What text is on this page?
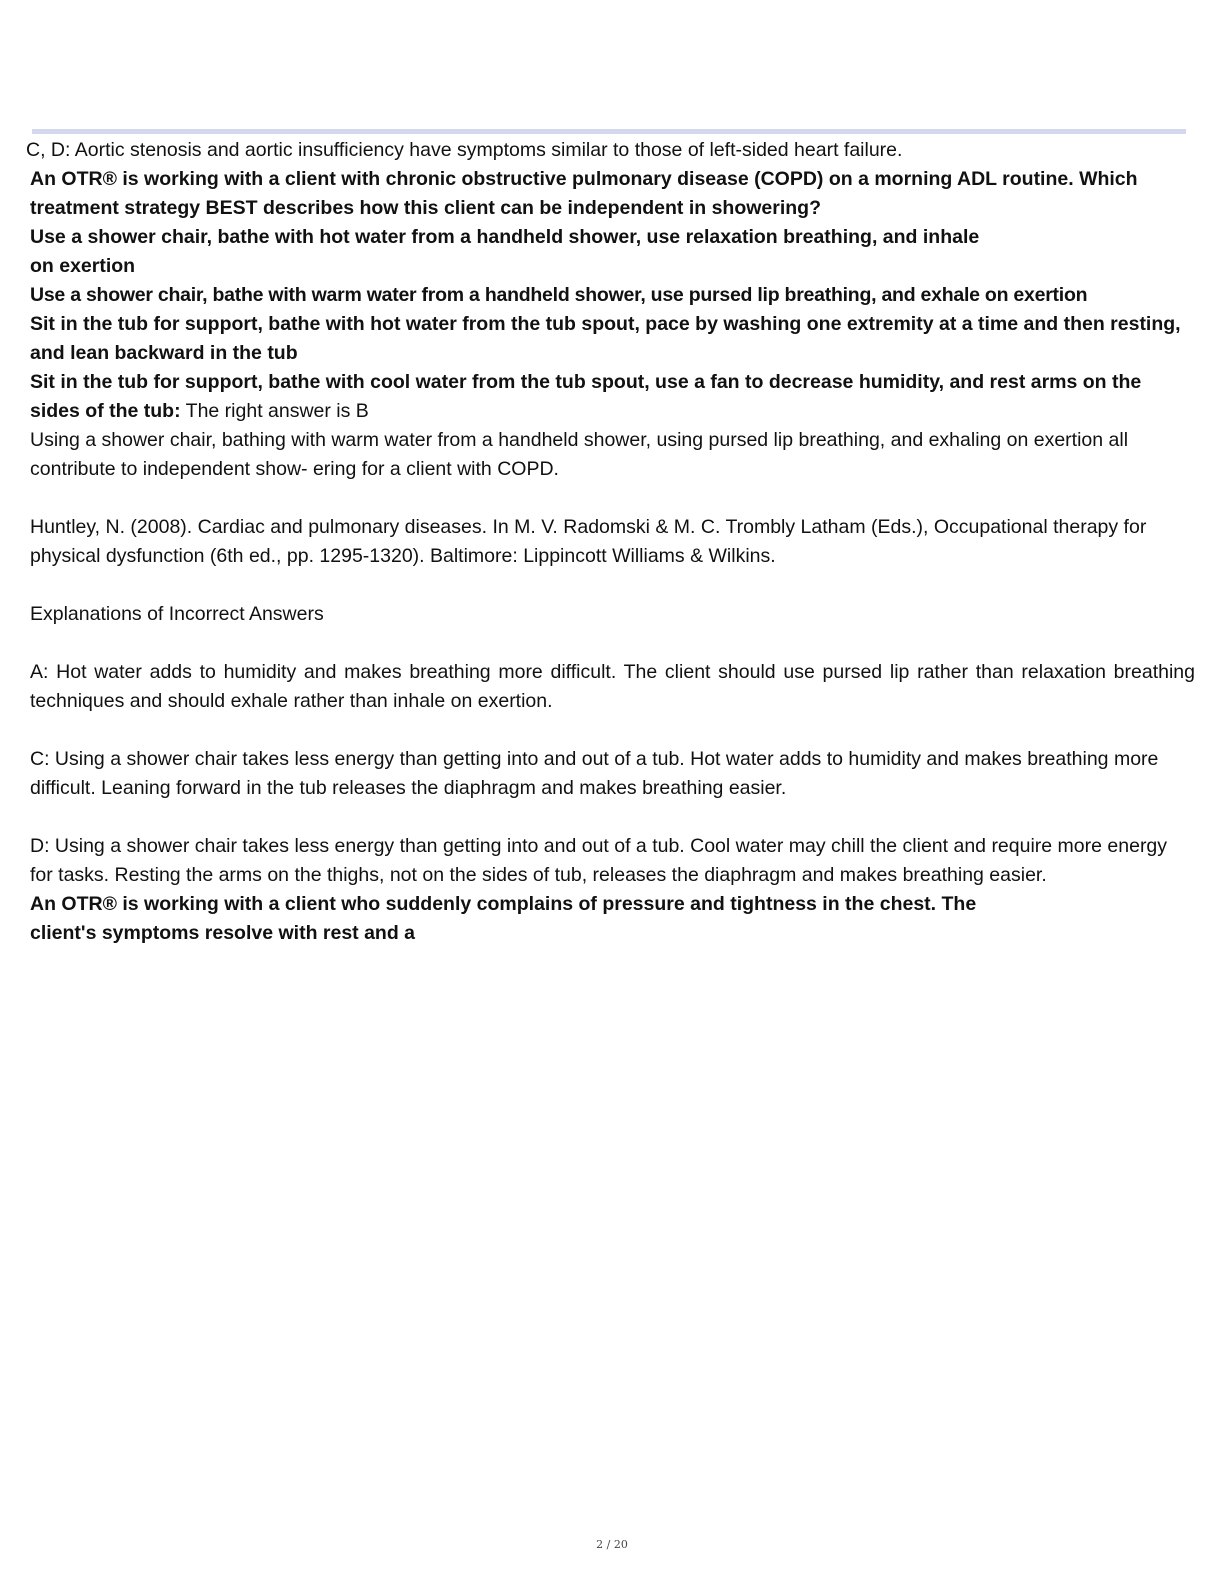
C, D: Aortic stenosis and aortic insufficiency have symptoms similar to those of left-sided heart failure.

An OTR® is working with a client with chronic obstructive pulmonary disease (COPD) on a morning ADL routine. Which treatment strategy BEST describes how this client can be independent in showering?

Use a shower chair, bathe with hot water from a handheld shower, use relaxation breathing, and inhale
on exertion

Use a shower chair, bathe with warm water from a handheld shower, use pursed lip breathing, and exhale on exertion

Sit in the tub for support, bathe with hot water from the tub spout, pace by washing one extremity at a time and then resting, and lean backward in the tub

Sit in the tub for support, bathe with cool water from the tub spout, use a fan to decrease humidity, and rest arms on the sides of the tub: The right answer is B

Using a shower chair, bathing with warm water from a handheld shower, using pursed lip breathing, and exhaling on exertion all contribute to independent show- ering for a client with COPD.

Huntley, N. (2008). Cardiac and pulmonary diseases. In M. V. Radomski & M. C. Trombly Latham (Eds.), Occupational therapy for physical dysfunction (6th ed., pp. 1295-1320). Baltimore: Lippincott Williams & Wilkins.

Explanations of Incorrect Answers

A: Hot water adds to humidity and makes breathing more difficult. The client should use pursed lip rather than relaxation breathing techniques and should exhale rather than inhale on exertion.

C: Using a shower chair takes less energy than getting into and out of a tub. Hot water adds to humidity and makes breathing more difficult. Leaning forward in the tub releases the diaphragm and makes breathing easier.

D: Using a shower chair takes less energy than getting into and out of a tub. Cool water may chill the client and require more energy for tasks. Resting the arms on the thighs, not on the sides of tub, releases the diaphragm and makes breathing easier.

An OTR® is working with a client who suddenly complains of pressure and tightness in the chest. The
client's symptoms resolve with rest and a

2 / 20
